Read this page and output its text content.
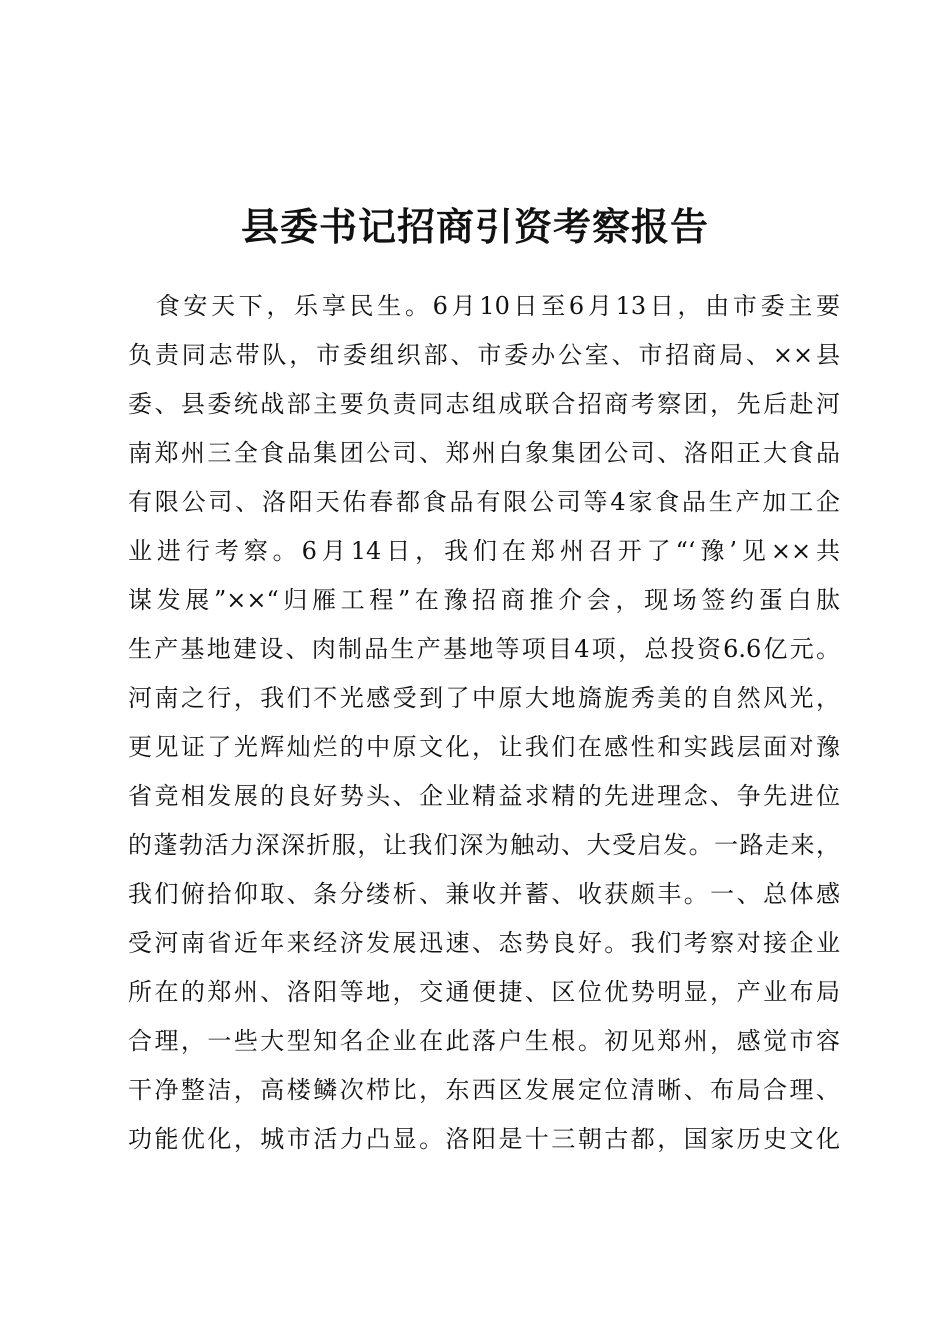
县委书记招商引资考察报告
　食安天下，乐享民生。6月10日至6月13日，由市委主要
负责同志带队，市委组织部、市委办公室、市招商局、××县
委、县委统战部主要负责同志组成联合招商考察团，先后赴河
南郑州三全食品集团公司、郑州白象集团公司、洛阳正大食品
有限公司、洛阳天佑春都食品有限公司等4家食品生产加工企
业进行考察。6月14日，我们在郑州召开了“‘豫’见××共
谋发展”××“归雁工程”在豫招商推介会，现场签约蛋白肽
生产基地建设、肉制品生产基地等项目4项，总投资6.6亿元。
河南之行，我们不光感受到了中原大地旖旎秀美的自然风光，
更见证了光辉灿烂的中原文化，让我们在感性和实践层面对豫
省竞相发展的良好势头、企业精益求精的先进理念、争先进位
的蓬勃活力深深折服，让我们深为触动、大受启发。一路走来，
我们俯拾仰取、条分缕析、兼收并蓄、收获颇丰。一、总体感
受河南省近年来经济发展迅速、态势良好。我们考察对接企业
所在的郑州、洛阳等地，交通便捷、区位优势明显，产业布局
合理，一些大型知名企业在此落户生根。初见郑州，感觉市容
干净整洁，高楼鳞次栉比，东西区发展定位清晰、布局合理、
功能优化，城市活力凸显。洛阳是十三朝古都，国家历史文化
